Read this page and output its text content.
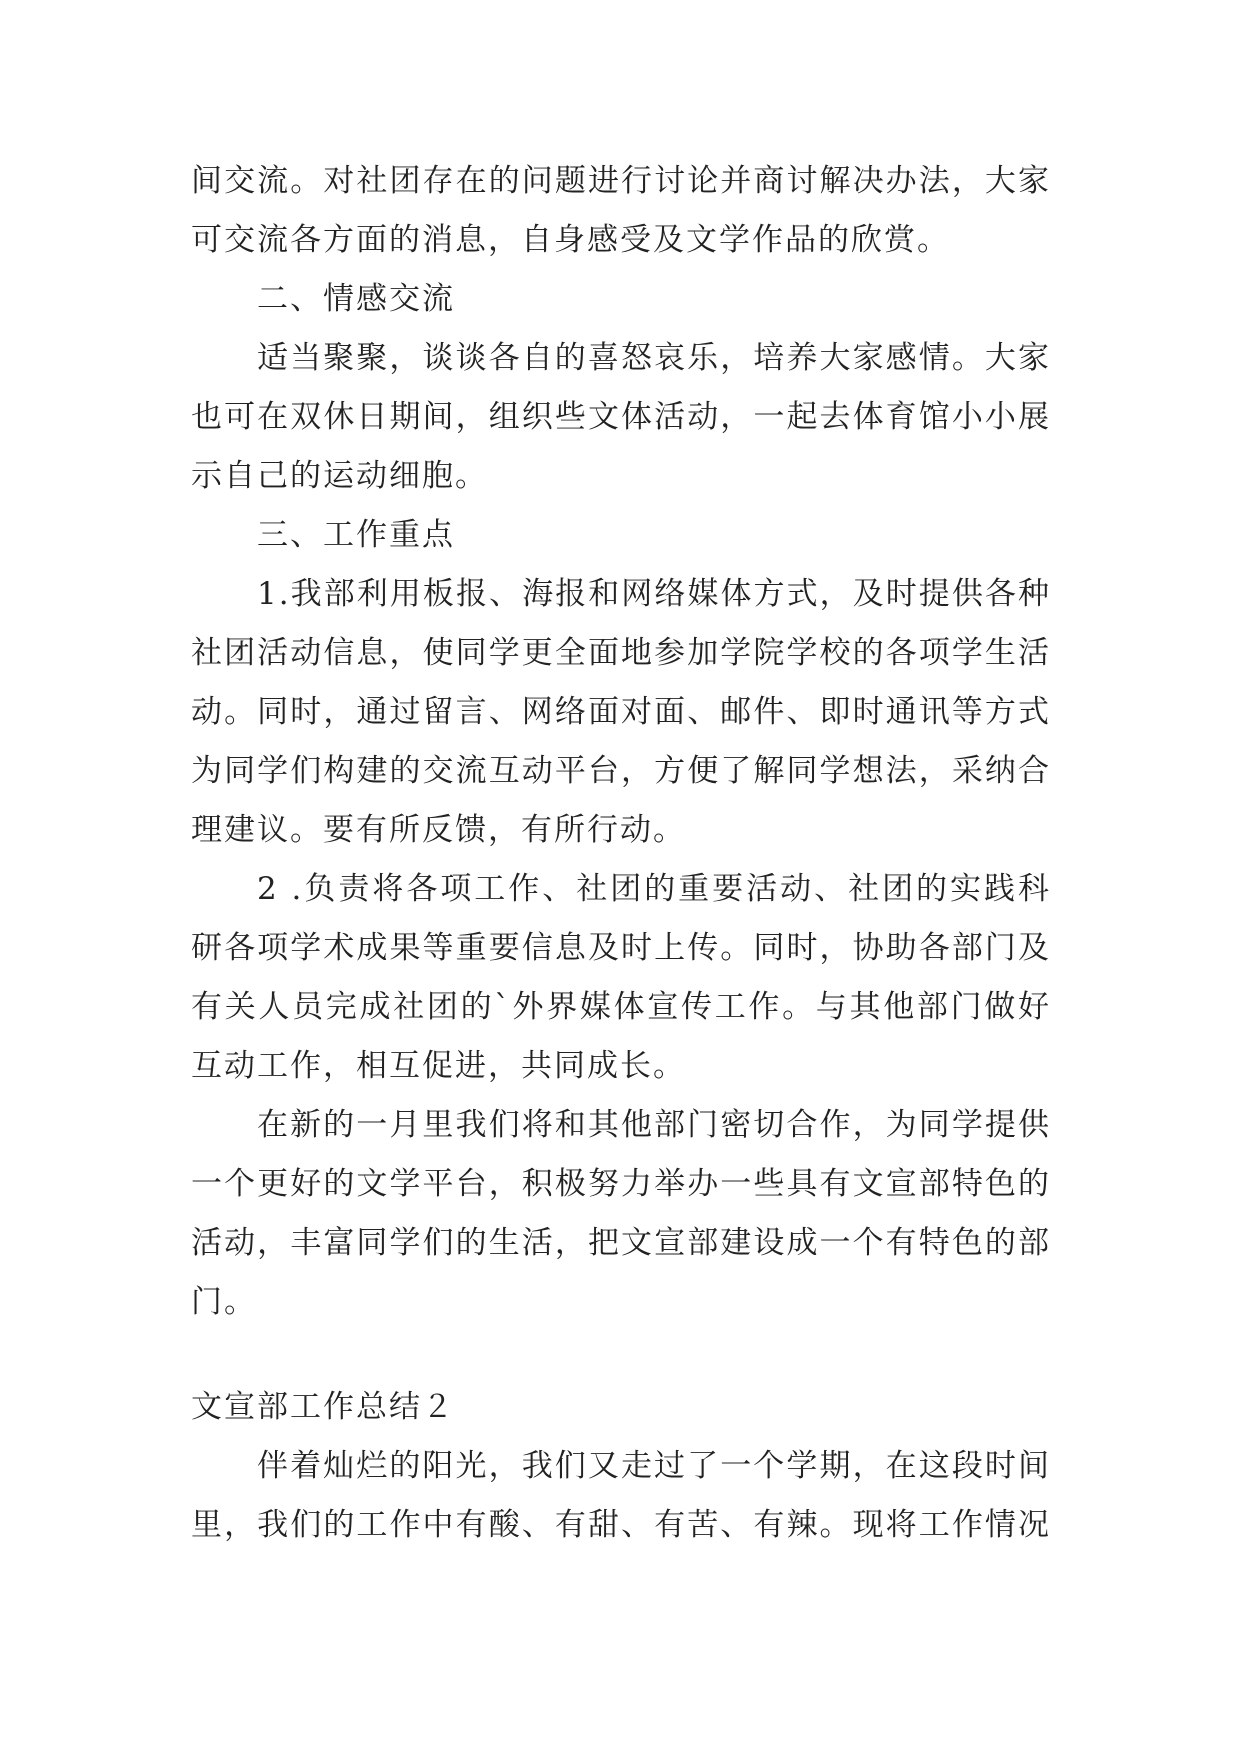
间交流。对社团存在的问题进行讨论并商讨解决办法，大家
可交流各方面的消息，自身感受及文学作品的欣赏。
二、情感交流
适当聚聚，谈谈各自的喜怒哀乐，培养大家感情。大家
也可在双休日期间，组织些文体活动，一起去体育馆小小展
示自己的运动细胞。
三、工作重点
1.我部利用板报、海报和网络媒体方式，及时提供各种
社团活动信息，使同学更全面地参加学院学校的各项学生活
动。同时，通过留言、网络面对面、邮件、即时通讯等方式
为同学们构建的交流互动平台，方便了解同学想法，采纳合
理建议。要有所反馈，有所行动。
2 .负责将各项工作、社团的重要活动、社团的实践科
研各项学术成果等重要信息及时上传。同时，协助各部门及
有关人员完成社团的`外界媒体宣传工作。与其他部门做好
互动工作，相互促进，共同成长。
在新的一月里我们将和其他部门密切合作，为同学提供
一个更好的文学平台，积极努力举办一些具有文宣部特色的
活动，丰富同学们的生活，把文宣部建设成一个有特色的部
门。
文宣部工作总结２
伴着灿烂的阳光，我们又走过了一个学期，在这段时间
里，我们的工作中有酸、有甜、有苦、有辣。现将工作情况
